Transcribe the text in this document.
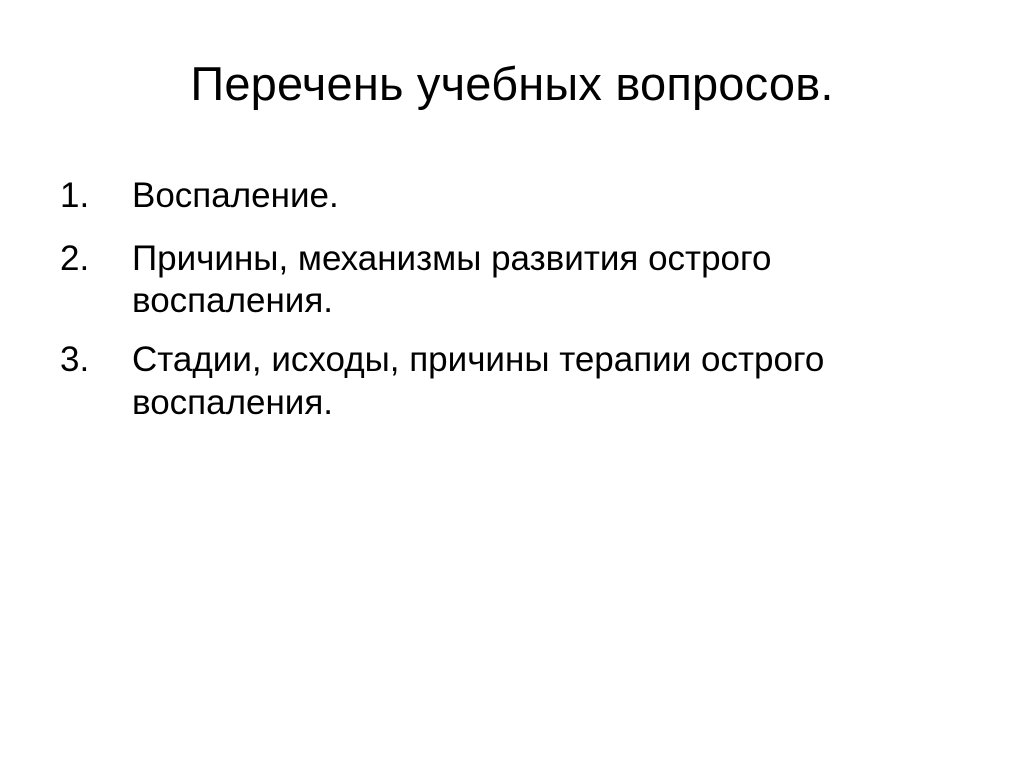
Перечень учебных вопросов.
1.	Воспаление.
2.	Причины, механизмы развития острого воспаления.
3.	Стадии, исходы, причины терапии острого воспаления.
